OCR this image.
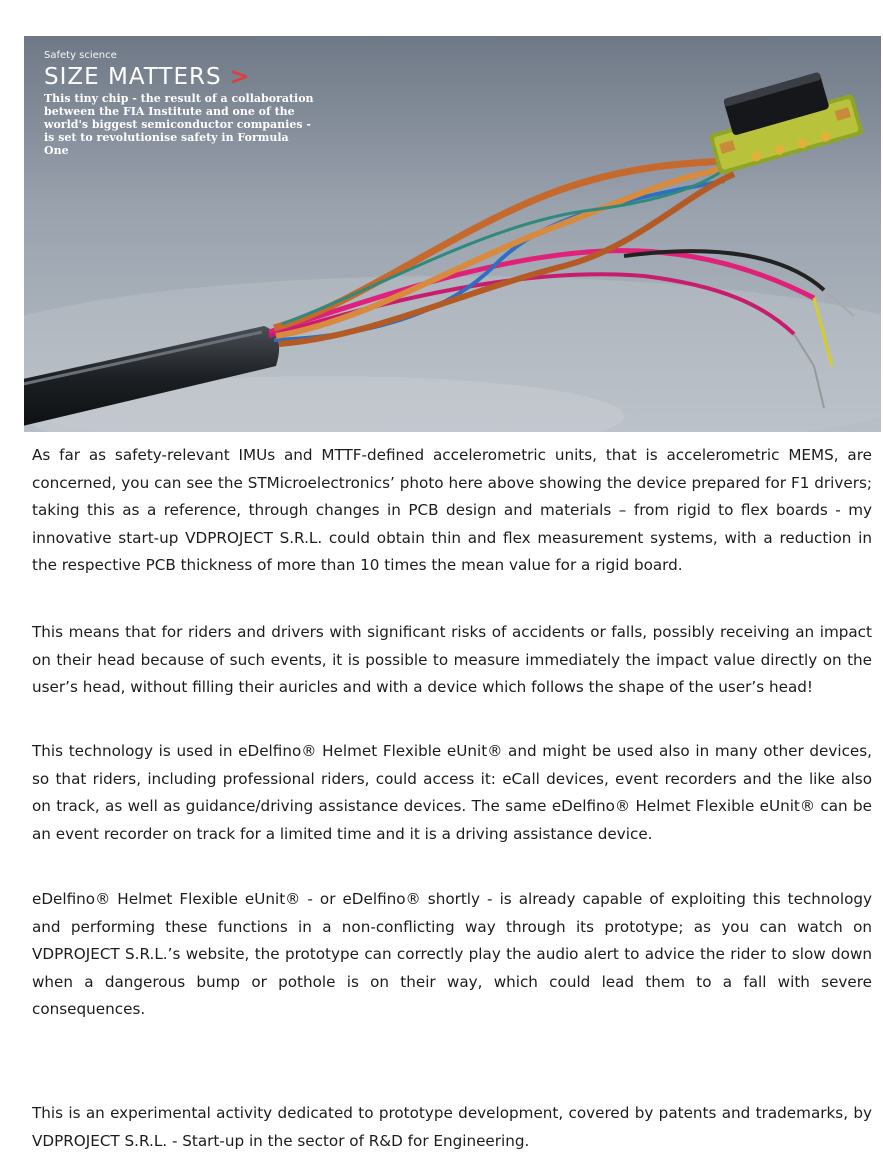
Safety science

SIZE MATTERS >

This tiny chip - the result of a collaboration between the FIA Institute and one of the world's biggest semiconductor companies - is set to revolutionise safety in Formula One

As far as safety-relevant IMUs and MTTF-defined accelerometric units, that is accelerometric MEMS, are concerned, you can see the STMicroelectronics’ photo here above showing the device prepared for F1 drivers; taking this as a reference, through changes in PCB design and materials – from rigid to flex boards - my innovative start-up VDPROJECT S.R.L. could obtain thin and flex measurement systems, with a reduction in the respective PCB thickness of more than 10 times the mean value for a rigid board.

This means that for riders and drivers with significant risks of accidents or falls, possibly receiving an impact on their head because of such events, it is possible to measure immediately the impact value directly on the user’s head, without filling their auricles and with a device which follows the shape of the user’s head!

This technology is used in eDelfino® Helmet Flexible eUnit® and might be used also in many other devices, so that riders, including professional riders, could access it: eCall devices, event recorders and the like also on track, as well as guidance/driving assistance devices. The same eDelfino® Helmet Flexible eUnit® can be an event recorder on track for a limited time and it is a driving assistance device.

eDelfino® Helmet Flexible eUnit® - or eDelfino® shortly - is already capable of exploiting this technology and performing these functions in a non-conflicting way through its prototype; as you can watch on VDPROJECT S.R.L.’s website, the prototype can correctly play the audio alert to advice the rider to slow down when a dangerous bump or pothole is on their way, which could lead them to a fall with severe consequences.

This is an experimental activity dedicated to prototype development, covered by patents and trademarks, by VDPROJECT S.R.L. - Start-up in the sector of R&D for Engineering.
